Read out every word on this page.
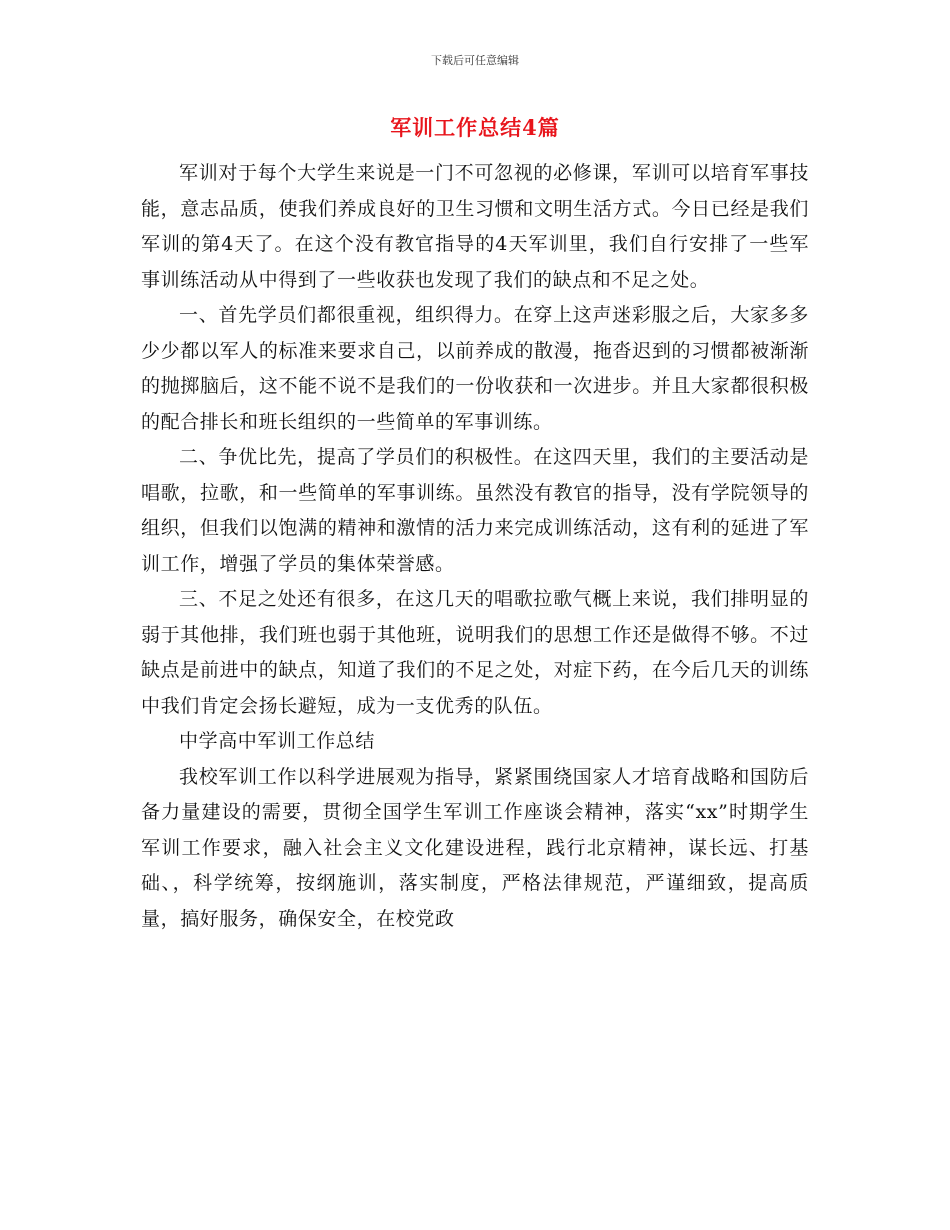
下载后可任意编辑
军训工作总结4篇

军训对于每个大学生来说是一门不可忽视的必修课，军训可以培育军事技能，意志品质，使我们养成良好的卫生习惯和文明生活方式。今日已经是我们军训的第4天了。在这个没有教官指导的4天军训里，我们自行安排了一些军事训练活动从中得到了一些收获也发现了我们的缺点和不足之处。

一、首先学员们都很重视，组织得力。在穿上这声迷彩服之后，大家多多少少都以军人的标准来要求自己，以前养成的散漫，拖沓迟到的习惯都被渐渐的抛掷脑后，这不能不说不是我们的一份收获和一次进步。并且大家都很积极的配合排长和班长组织的一些简单的军事训练。

二、争优比先，提高了学员们的积极性。在这四天里，我们的主要活动是唱歌，拉歌，和一些简单的军事训练。虽然没有教官的指导，没有学院领导的组织，但我们以饱满的精神和激情的活力来完成训练活动，这有利的延进了军训工作，增强了学员的集体荣誉感。

三、不足之处还有很多，在这几天的唱歌拉歌气概上来说，我们排明显的弱于其他排，我们班也弱于其他班，说明我们的思想工作还是做得不够。不过缺点是前进中的缺点，知道了我们的不足之处，对症下药，在今后几天的训练中我们肯定会扬长避短，成为一支优秀的队伍。

中学高中军训工作总结

我校军训工作以科学进展观为指导，紧紧围绕国家人才培育战略和国防后备力量建设的需要，贯彻全国学生军训工作座谈会精神，落实“xx”时期学生军训工作要求，融入社会主义文化建设进程，践行北京精神，谋长远、打基础、，科学统筹，按纲施训，落实制度，严格法律规范，严谨细致，提高质量，搞好服务，确保安全，在校党政
